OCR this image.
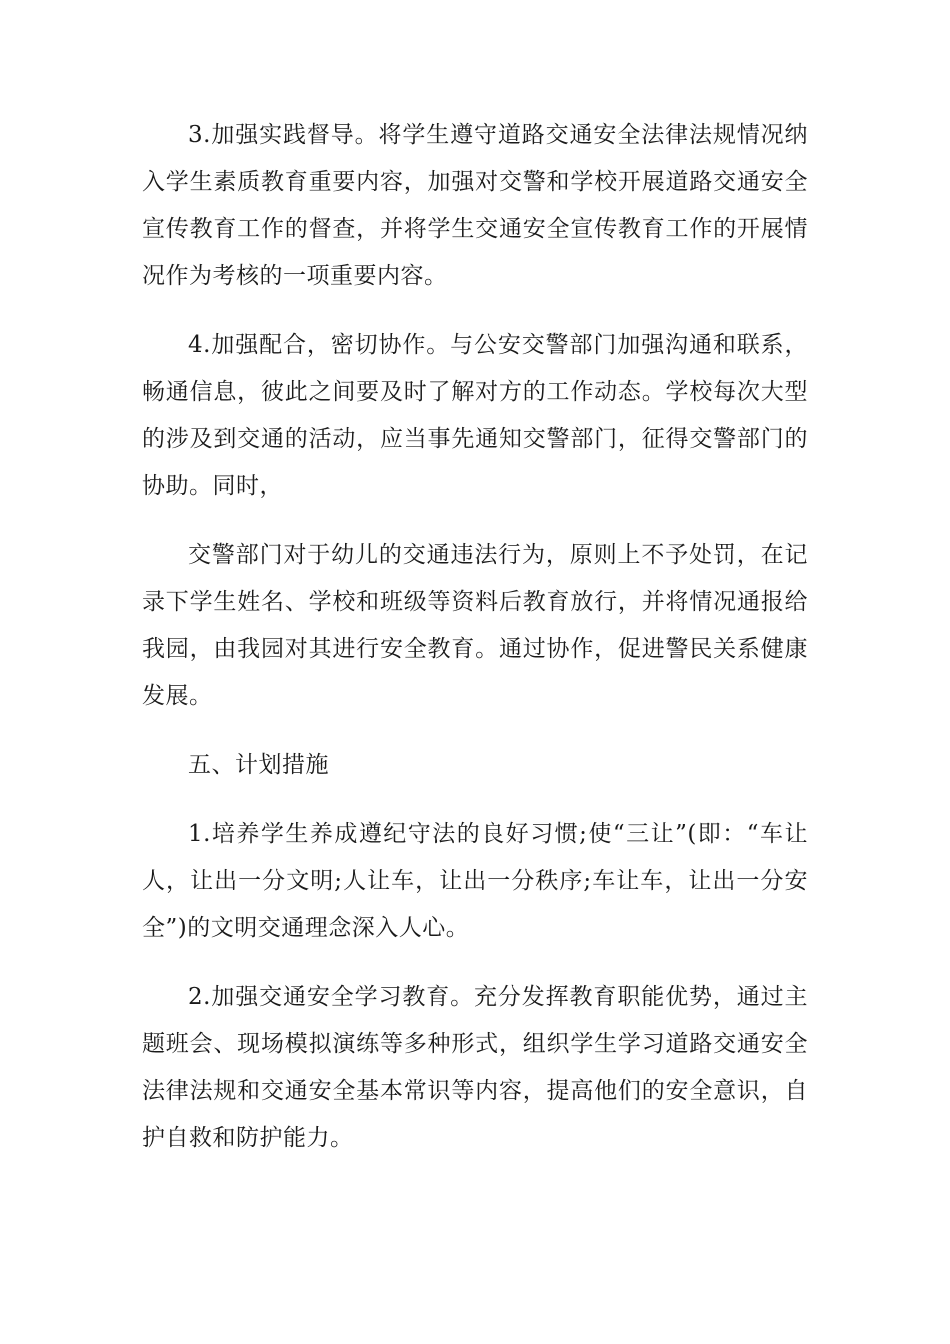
3.加强实践督导。将学生遵守道路交通安全法律法规情况纳入学生素质教育重要内容，加强对交警和学校开展道路交通安全宣传教育工作的督查，并将学生交通安全宣传教育工作的开展情况作为考核的一项重要内容。

4.加强配合，密切协作。与公安交警部门加强沟通和联系，畅通信息，彼此之间要及时了解对方的工作动态。学校每次大型的涉及到交通的活动，应当事先通知交警部门，征得交警部门的协助。同时，

交警部门对于幼儿的交通违法行为，原则上不予处罚，在记录下学生姓名、学校和班级等资料后教育放行，并将情况通报给我园，由我园对其进行安全教育。通过协作，促进警民关系健康发展。

五、计划措施

1.培养学生养成遵纪守法的良好习惯;使“三让”(即：“车让人，让出一分文明;人让车，让出一分秩序;车让车，让出一分安全”)的文明交通理念深入人心。

2.加强交通安全学习教育。充分发挥教育职能优势，通过主题班会、现场模拟演练等多种形式，组织学生学习道路交通安全法律法规和交通安全基本常识等内容，提高他们的安全意识，自护自救和防护能力。
